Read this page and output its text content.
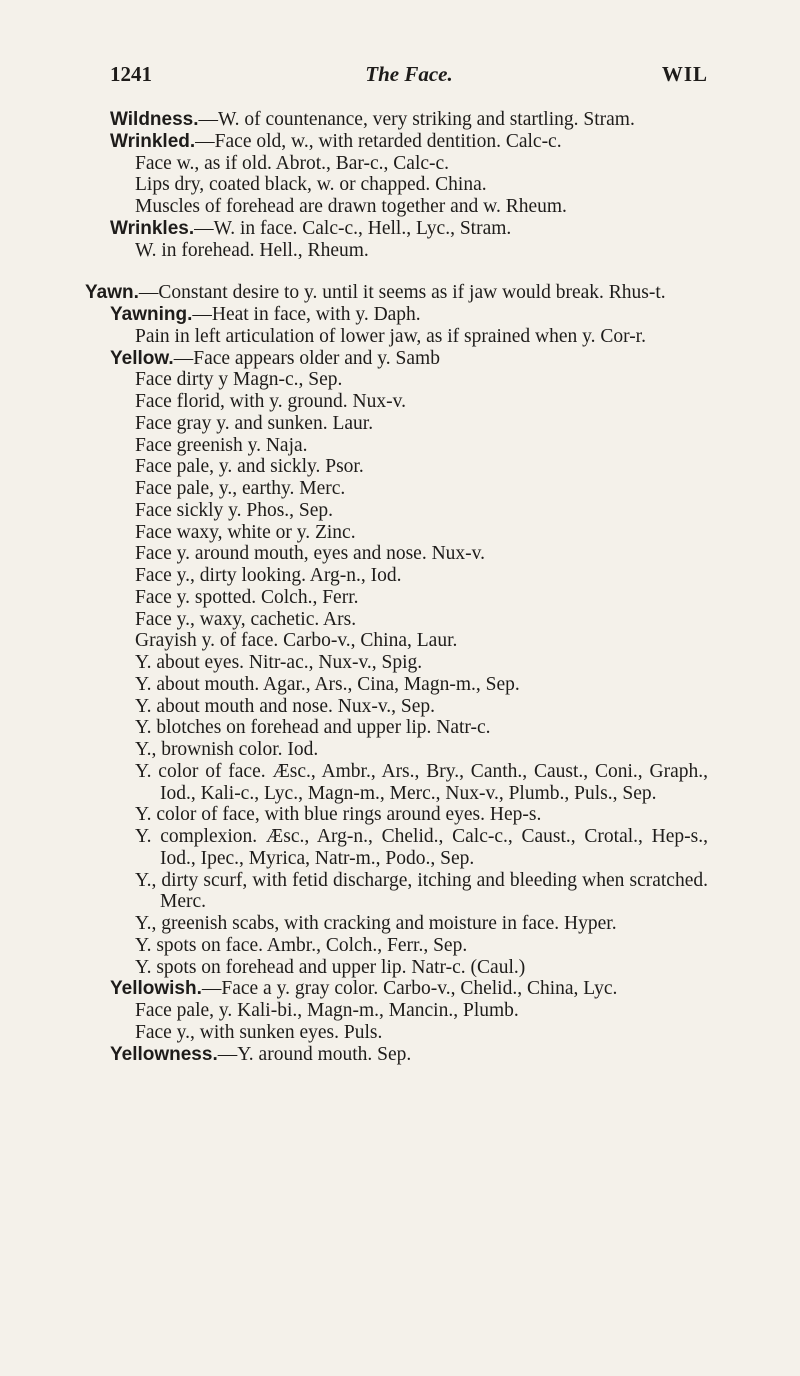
1241	The Face.	WIL
Wildness.—W. of countenance, very striking and startling. Stram.
Wrinkled.—Face old, w., with retarded dentition. Calc-c.
Face w., as if old. Abrot., Bar-c., Calc-c.
Lips dry, coated black, w. or chapped. China.
Muscles of forehead are drawn together and w. Rheum.
Wrinkles.—W. in face. Calc-c., Hell., Lyc., Stram.
W. in forehead. Hell., Rheum.
Yawn.—Constant desire to y. until it seems as if jaw would break. Rhus-t.
Yawning.—Heat in face, with y. Daph.
Pain in left articulation of lower jaw, as if sprained when y. Cor-r.
Yellow.—Face appears older and y. Samb
Face dirty y Magn-c., Sep.
Face florid, with y. ground. Nux-v.
Face gray y. and sunken. Laur.
Face greenish y. Naja.
Face pale, y. and sickly. Psor.
Face pale, y., earthy. Merc.
Face sickly y. Phos., Sep.
Face waxy, white or y. Zinc.
Face y. around mouth, eyes and nose. Nux-v.
Face y., dirty looking. Arg-n., Iod.
Face y. spotted. Colch., Ferr.
Face y., waxy, cachetic. Ars.
Grayish y. of face. Carbo-v., China, Laur.
Y. about eyes. Nitr-ac., Nux-v., Spig.
Y. about mouth. Agar., Ars., Cina, Magn-m., Sep.
Y. about mouth and nose. Nux-v., Sep.
Y. blotches on forehead and upper lip. Natr-c.
Y., brownish color. Iod.
Y. color of face. Æsc., Ambr., Ars., Bry., Canth., Caust., Coni., Graph., Iod., Kali-c., Lyc., Magn-m., Merc., Nux-v., Plumb., Puls., Sep.
Y. color of face, with blue rings around eyes. Hep-s.
Y. complexion. Æsc., Arg-n., Chelid., Calc-c., Caust., Crotal., Hep-s., Iod., Ipec., Myrica, Natr-m., Podo., Sep.
Y., dirty scurf, with fetid discharge, itching and bleeding when scratched. Merc.
Y., greenish scabs, with cracking and moisture in face. Hyper.
Y. spots on face. Ambr., Colch., Ferr., Sep.
Y. spots on forehead and upper lip. Natr-c. (Caul.)
Yellowish.—Face a y. gray color. Carbo-v., Chelid., China, Lyc.
Face pale, y. Kali-bi., Magn-m., Mancin., Plumb.
Face y., with sunken eyes. Puls.
Yellowness.—Y. around mouth. Sep.
